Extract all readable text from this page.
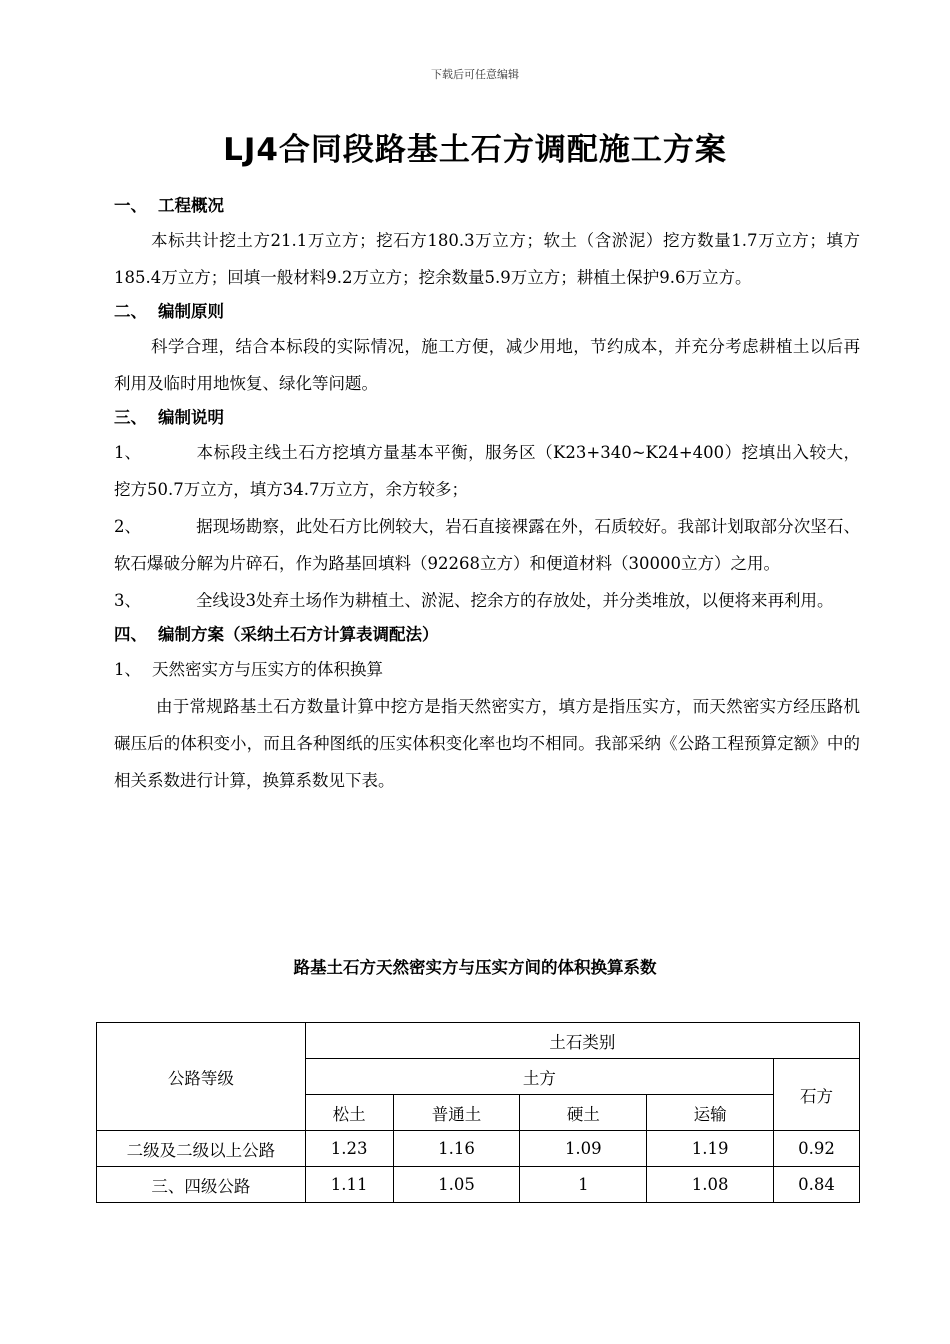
下载后可任意编辑
LJ4合同段路基土石方调配施工方案

一、 工程概况

本标共计挖土方21.1万立方；挖石方180.3万立方；软土（含淤泥）挖方数量1.7万立方；填方185.4万立方；回填一般材料9.2万立方；挖余数量5.9万立方；耕植土保护9.6万立方。

二、 编制原则

科学合理，结合本标段的实际情况，施工方便，减少用地，节约成本，并充分考虑耕植土以后再利用及临时用地恢复、绿化等问题。

三、 编制说明

1、	本标段主线土石方挖填方量基本平衡，服务区（K23+340~K24+400）挖填出入较大，挖方50.7万立方，填方34.7万立方，余方较多；

2、	据现场勘察，此处石方比例较大，岩石直接裸露在外，石质较好。我部计划取部分次坚石、软石爆破分解为片碎石，作为路基回填料（92268立方）和便道材料（30000立方）之用。

3、	全线设3处弃土场作为耕植土、淤泥、挖余方的存放处，并分类堆放，以便将来再利用。

四、 编制方案（采纳土石方计算表调配法）

1、 天然密实方与压实方的体积换算

由于常规路基土石方数量计算中挖方是指天然密实方，填方是指压实方，而天然密实方经压路机碾压后的体积变小，而且各种图纸的压实体积变化率也均不相同。我部采纳《公路工程预算定额》中的相关系数进行计算，换算系数见下表。

路基土石方天然密实方与压实方间的体积换算系数
公路等级	土石类别				
	土方				石方
	松土	普通土	硬土	运输	
二级及二级以上公路	1.23	1.16	1.09	1.19	0.92
三、四级公路	1.11	1.05	1	1.08	0.84
